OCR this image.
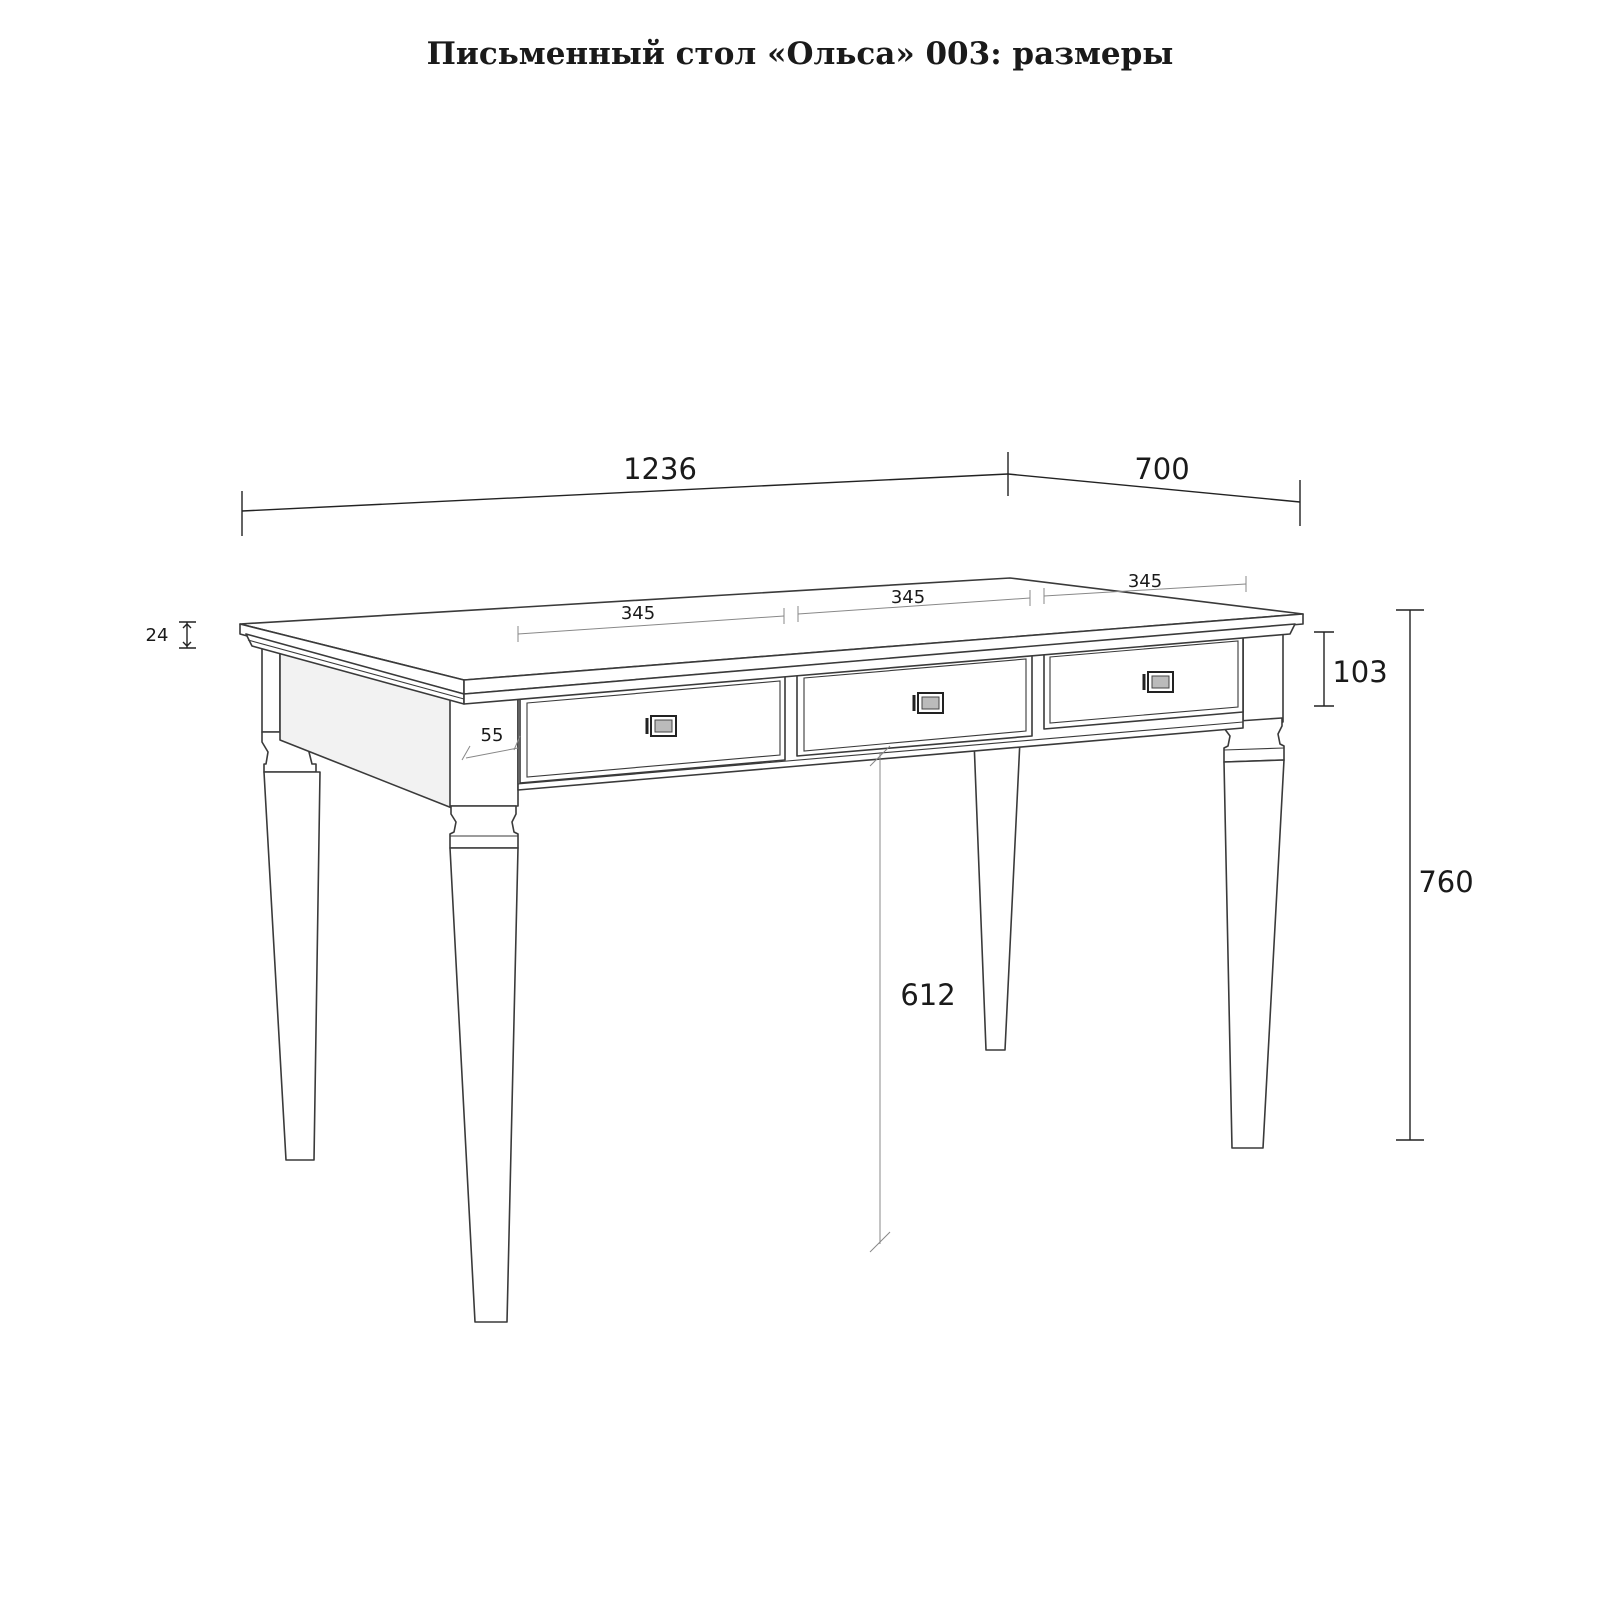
Письменный стол «Ольса» 003: размеры
1236	700
760
103
612
24
55
345
345
345
